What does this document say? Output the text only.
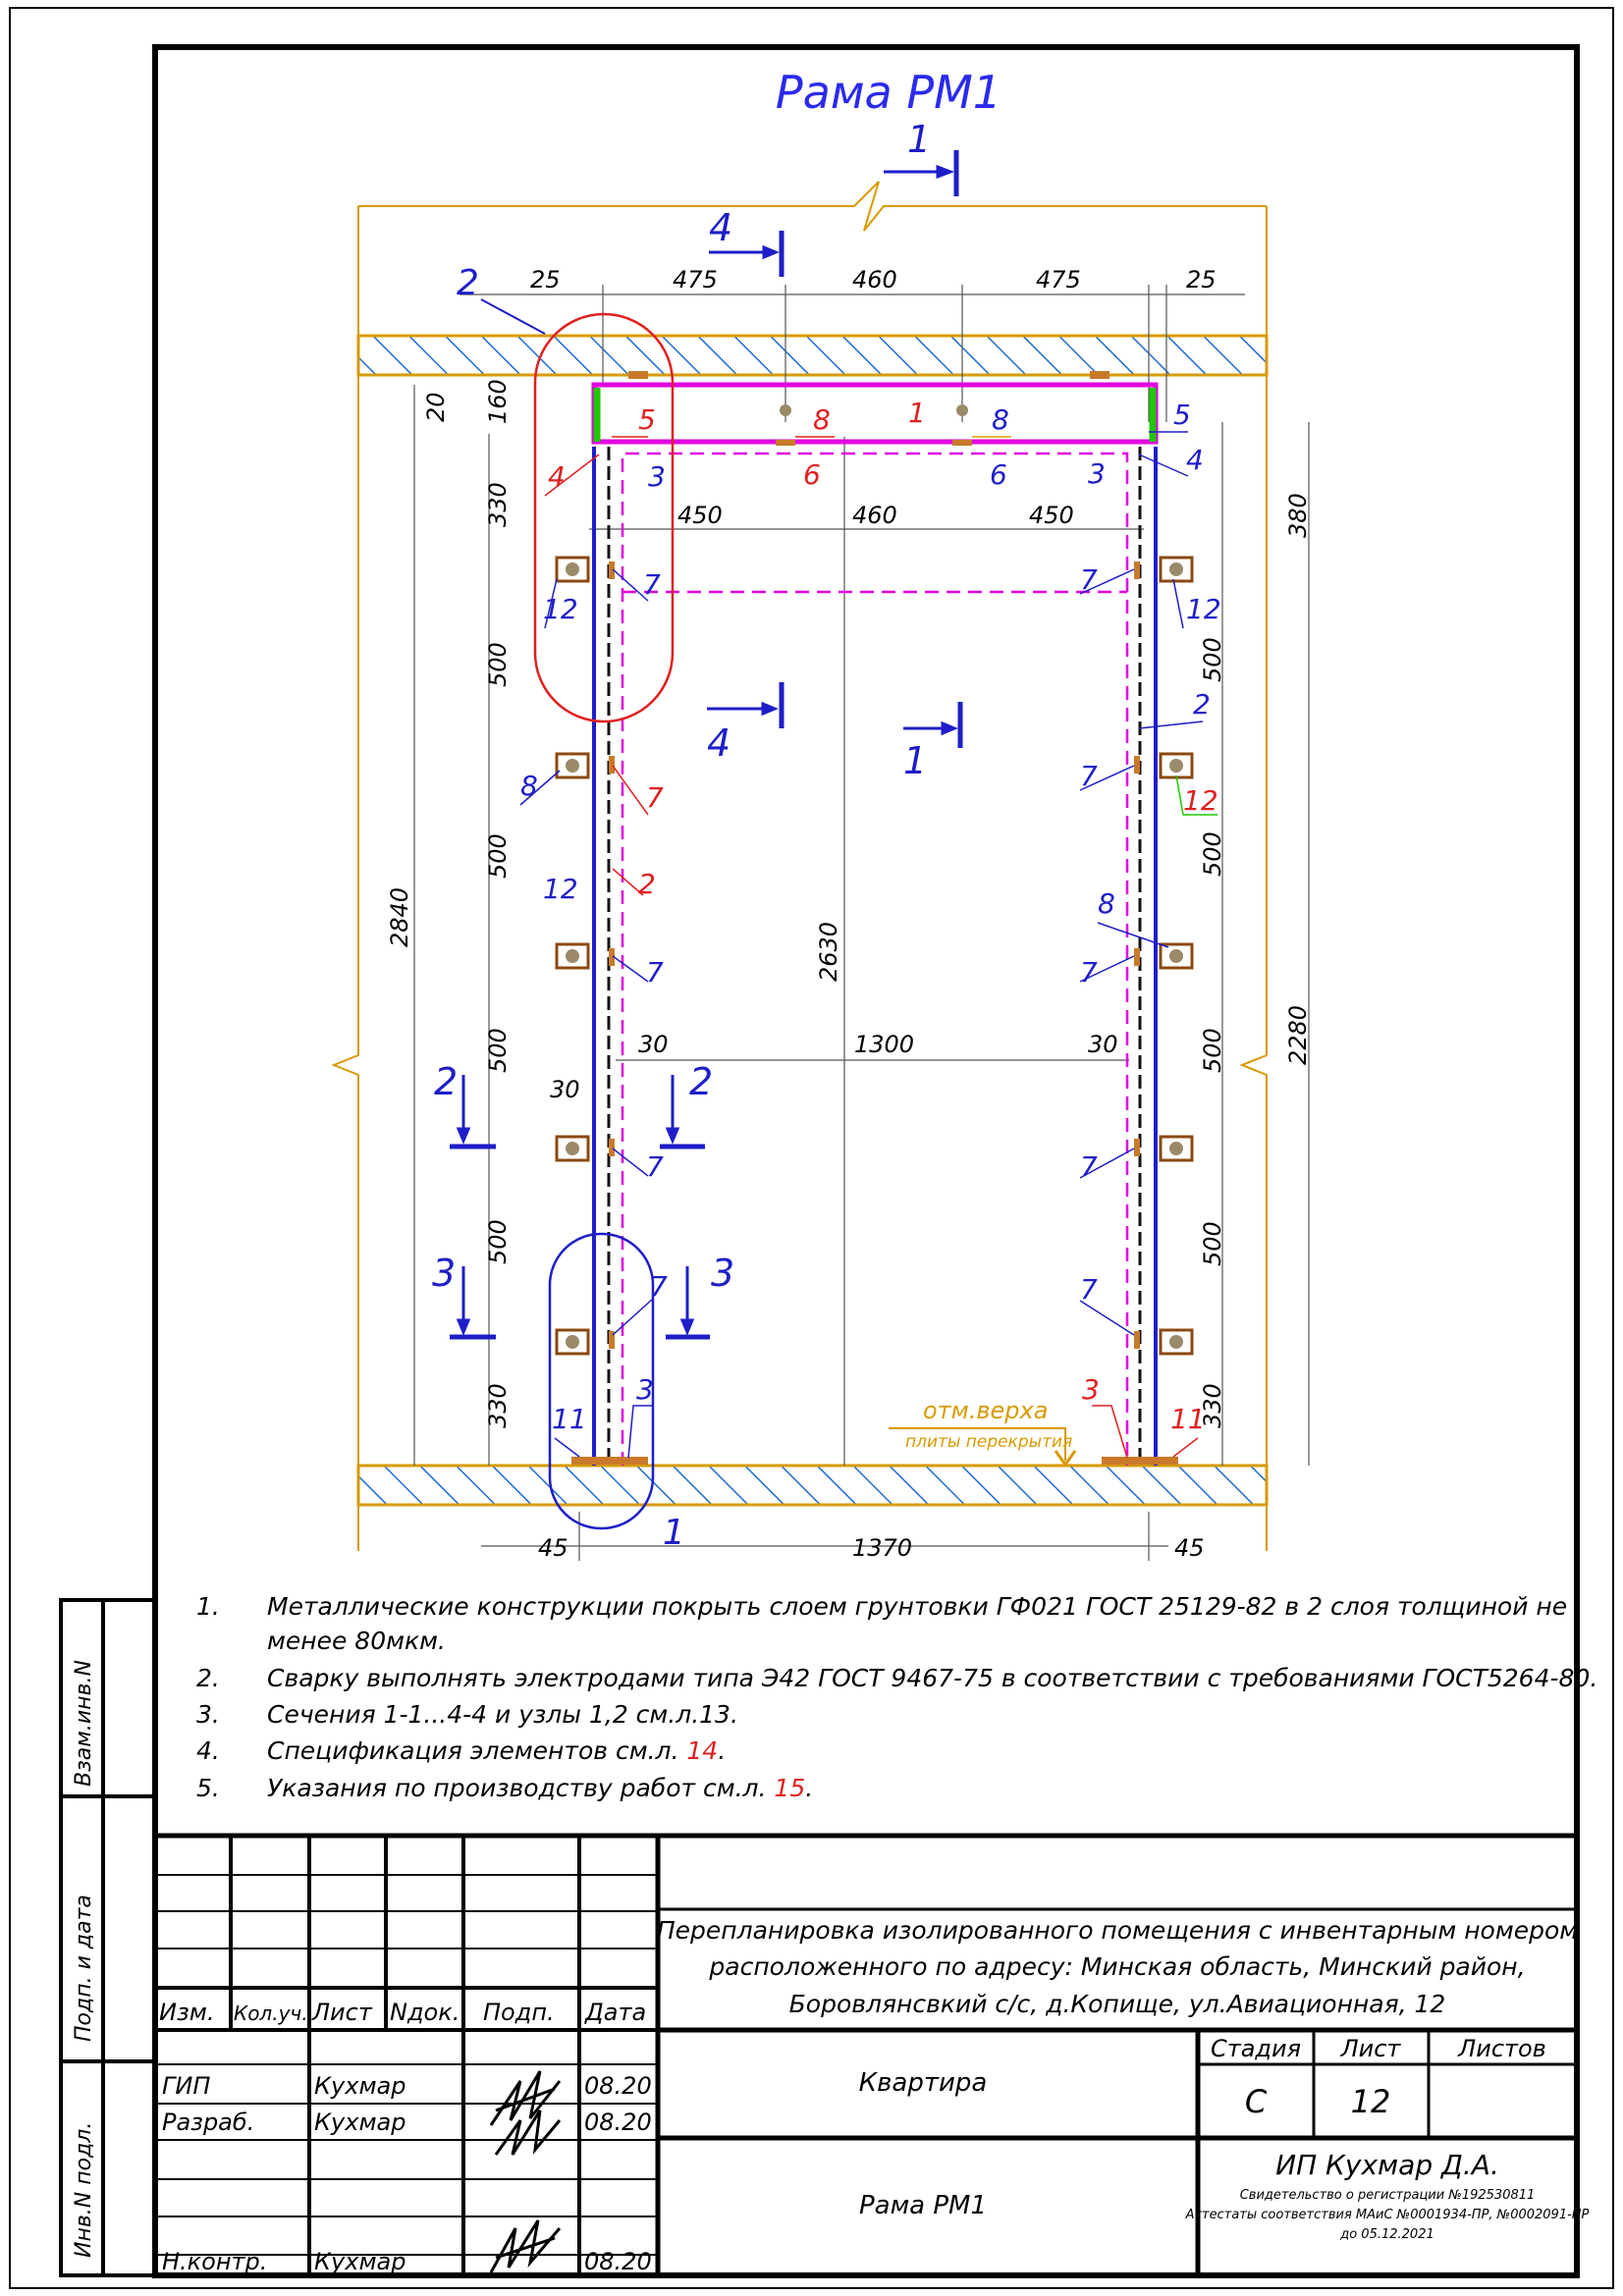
Рама РМ1
1
4
4	1
2	2
3	3
2
1
25	475	460	475	25
450	460	450
20 160
330
500
500
500
500
330
2840
2630
380
500
500
500
500
330
2280
30	1300	30
30
45	1370	45
отм.верха
плиты перекрытия
5	8	1 8	5
4	3	6	6	3	4
12
7	7
12
2
8	7
7
12
2
12	8
7	7
7	7
7	7
3	3
11	11
1. Металлические конструкции покрыть слоем грунтовки ГФ021 ГОСТ 25129-82 в 2 слоя толщиной не
менее 80мкм.
2. Сварку выполнять электродами типа Э42 ГОСТ 9467-75 в соответствии с требованиями ГОСТ5264-80.
3. Сечения 1-1...4-4 и узлы 1,2 см.л.13.
4. Спецификация элементов см.л. 14.
5. Указания по производству работ см.л. 15.
Взам.инв.N
Подп. и дата
Инв.N подл.
Изм. Кол.уч. Лист Nдок. Подп. Дата
ГИП	Кухмар	08.20
Разраб.	Кухмар	08.20
Н.контр. Кухмар	08.20
Перепланировка изолированного помещения с инвентарным номером
расположенного по адресу: Минская область, Минский район,
Боровлянсвкий с/с, д.Копище, ул.Авиационная, 12
Квартира
Рама РМ1
Стадия Лист Листов
С	12
ИП Кухмар Д.А.
Свидетельство о регистрации №192530811
Аттестаты соответствия МАиС №0001934-ПР, №0002091-ПР
до 05.12.2021
